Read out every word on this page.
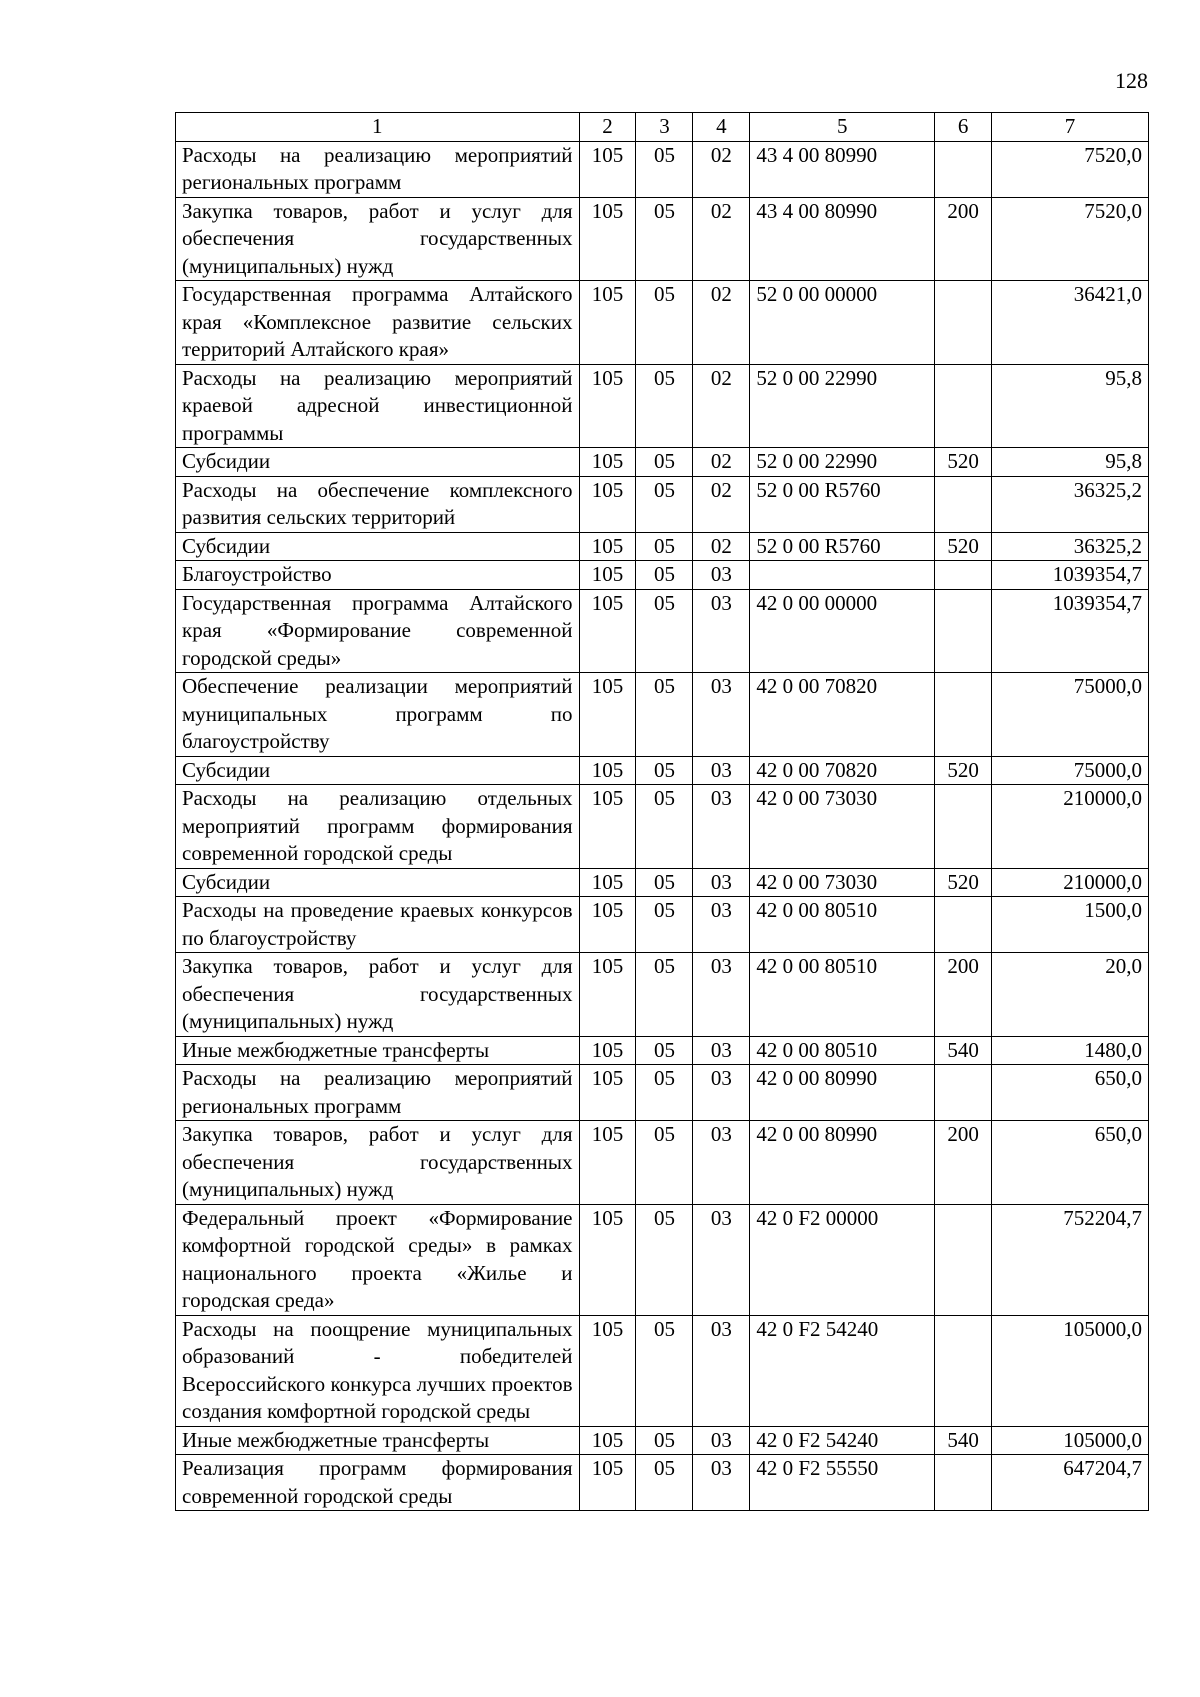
128
1	2	3	4	5	6	7
Расходы на реализацию мероприятий региональных программ	105	05	02	43 4 00 80990		7520,0
Закупка товаров, работ и услуг для обеспечения государственных (муниципальных) нужд	105	05	02	43 4 00 80990	200	7520,0
Государственная программа Алтайского края «Комплексное развитие сельских территорий Алтайского края»	105	05	02	52 0 00 00000		36421,0
Расходы на реализацию мероприятий краевой адресной инвестиционной программы	105	05	02	52 0 00 22990		95,8
Субсидии	105	05	02	52 0 00 22990	520	95,8
Расходы на обеспечение комплексного развития сельских территорий	105	05	02	52 0 00 R5760		36325,2
Субсидии	105	05	02	52 0 00 R5760	520	36325,2
Благоустройство	105	05	03			1039354,7
Государственная программа Алтайского края «Формирование современной городской среды»	105	05	03	42 0 00 00000		1039354,7
Обеспечение реализации мероприятий муниципальных программ по благоустройству	105	05	03	42 0 00 70820		75000,0
Субсидии	105	05	03	42 0 00 70820	520	75000,0
Расходы на реализацию отдельных мероприятий программ формирования современной городской среды	105	05	03	42 0 00 73030		210000,0
Субсидии	105	05	03	42 0 00 73030	520	210000,0
Расходы на проведение краевых конкурсов по благоустройству	105	05	03	42 0 00 80510		1500,0
Закупка товаров, работ и услуг для обеспечения государственных (муниципальных) нужд	105	05	03	42 0 00 80510	200	20,0
Иные межбюджетные трансферты	105	05	03	42 0 00 80510	540	1480,0
Расходы на реализацию мероприятий региональных программ	105	05	03	42 0 00 80990		650,0
Закупка товаров, работ и услуг для обеспечения государственных (муниципальных) нужд	105	05	03	42 0 00 80990	200	650,0
Федеральный проект «Формирование комфортной городской среды» в рамках национального проекта «Жилье и городская среда»	105	05	03	42 0 F2 00000		752204,7
Расходы на поощрение муниципальных образований - победителей Всероссийского конкурса лучших проектов создания комфортной городской среды	105	05	03	42 0 F2 54240		105000,0
Иные межбюджетные трансферты	105	05	03	42 0 F2 54240	540	105000,0
Реализация программ формирования современной городской среды	105	05	03	42 0 F2 55550		647204,7
